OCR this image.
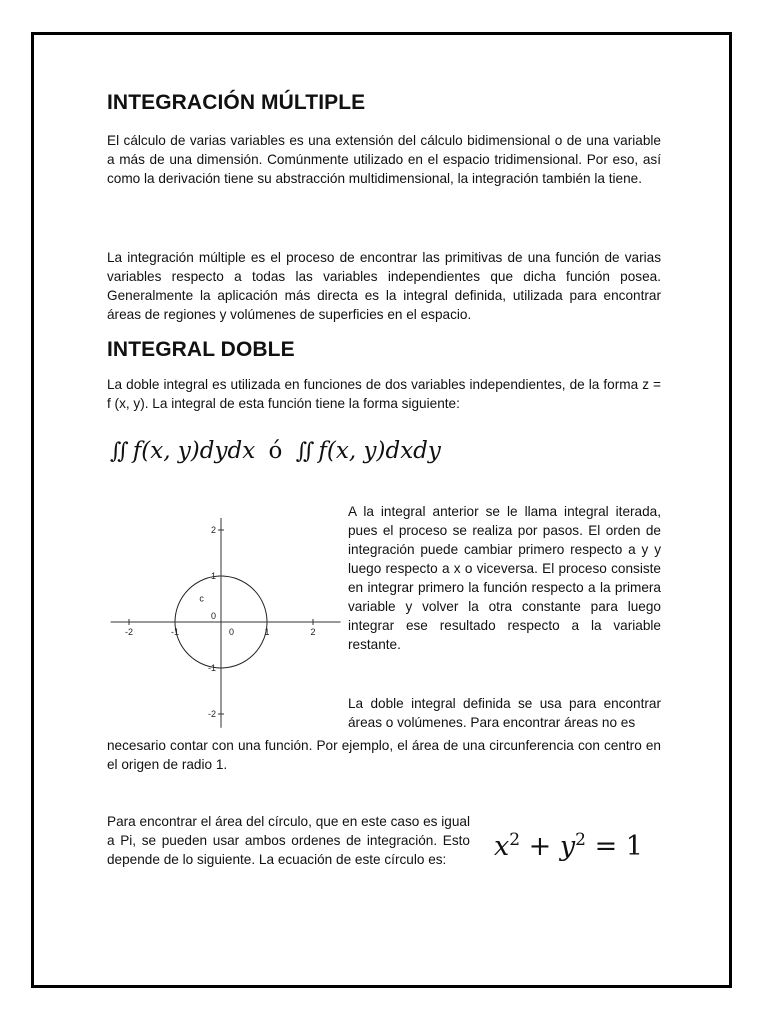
INTEGRACIÓN MÚLTIPLE

El cálculo de varias variables es una extensión del cálculo bidimensional o de una variable a más de una dimensión. Comúnmente utilizado en el espacio tridimensional. Por eso, así como la derivación tiene su abstracción multidimensional, la integración también la tiene.

La integración múltiple es el proceso de encontrar las primitivas de una función de varias variables respecto a todas las variables independientes que dicha función posea. Generalmente la aplicación más directa es la integral definida, utilizada para encontrar áreas de regiones y volúmenes de superficies en el espacio.

INTEGRAL DOBLE

La doble integral es utilizada en funciones de dos variables independientes, de la forma z = f (x, y). La integral de esta función tiene la forma siguiente:

∬ f(x, y)dydx ó ∬ f(x, y)dxdy
-2	-1	1	2
2
1
-1
-2
0
0
c

A la integral anterior se le llama integral iterada, pues el proceso se realiza por pasos. El orden de integración puede cambiar primero respecto a y y luego respecto a x o viceversa. El proceso consiste en integrar primero la función respecto a la primera variable y volver la otra constante para luego integrar ese resultado respecto a la variable restante.

La doble integral definida se usa para encontrar áreas o volúmenes. Para encontrar áreas no es

necesario contar con una función. Por ejemplo, el área de una circunferencia con centro en el origen de radio 1.

Para encontrar el área del círculo, que en este caso es igual a Pi, se pueden usar ambos ordenes de integración. Esto depende de lo siguiente. La ecuación de este círculo es:	$x^2 + y^2 = 1$
